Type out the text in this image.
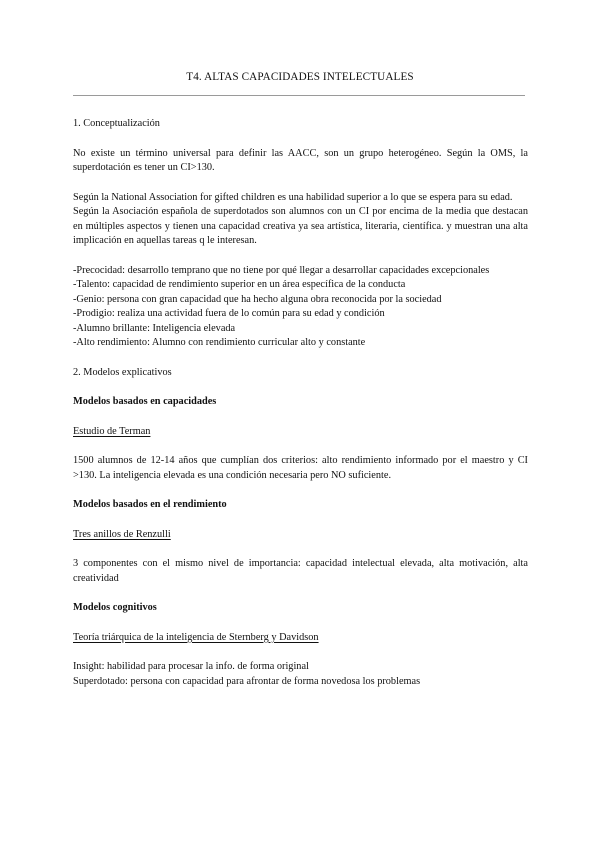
T4. ALTAS CAPACIDADES INTELECTUALES

1. Conceptualización

No existe un término universal para definir las AACC, son un grupo heterogéneo. Según la OMS, la superdotación es tener un CI>130.

Según la National Association for gifted children es una habilidad superior a lo que se espera para su edad.

Según la Asociación española de superdotados son alumnos con un CI por encima de la media que destacan en múltiples aspectos y tienen una capacidad creativa ya sea artística, literaria, científica. y muestran una alta implicación en aquellas tareas q le interesan.

-Precocidad: desarrollo temprano que no tiene por qué llegar a desarrollar capacidades excepcionales

-Talento: capacidad de rendimiento superior en un área específica de la conducta

-Genio: persona con gran capacidad que ha hecho alguna obra reconocida por la sociedad

-Prodigio: realiza una actividad fuera de lo común para su edad y condición

-Alumno brillante: Inteligencia elevada

-Alto rendimiento: Alumno con rendimiento curricular alto y constante

2. Modelos explicativos

Modelos basados en capacidades

Estudio de Terman

1500 alumnos de 12-14 años que cumplían dos criterios: alto rendimiento informado por el maestro y CI >130. La inteligencia elevada es una condición necesaria pero NO suficiente.

Modelos basados en el rendimiento

Tres anillos de Renzulli

3 componentes con el mismo nivel de importancia: capacidad intelectual elevada, alta motivación, alta creatividad

Modelos cognitivos

Teoría triárquica de la inteligencia de Sternberg y Davidson

Insight: habilidad para procesar la info. de forma original

Superdotado: persona con capacidad para afrontar de forma novedosa los problemas
